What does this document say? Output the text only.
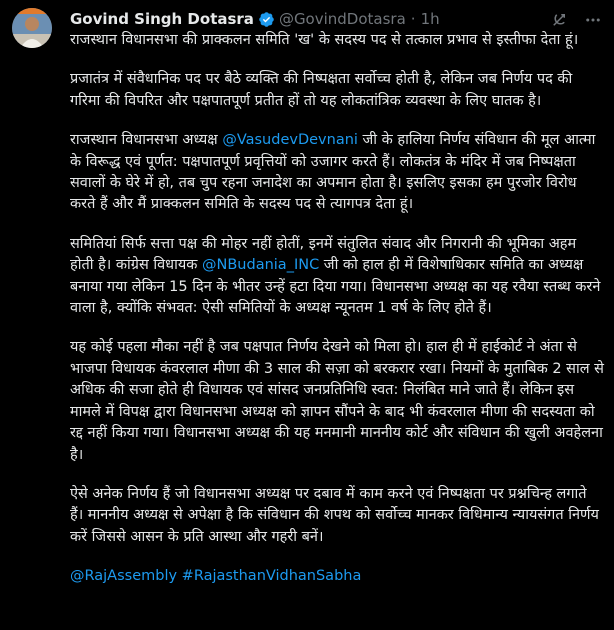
Govind Singh Dotasra @GovindDotasra · 1h

राजस्थान विधानसभा की प्राक्कलन समिति 'ख' के सदस्य पद से तत्काल प्रभाव से इस्तीफा देता हूं।

प्रजातंत्र में संवैधानिक पद पर बैठे व्यक्ति की निष्पक्षता सर्वोच्च होती है, लेकिन जब निर्णय पद की गरिमा की विपरित और पक्षपातपूर्ण प्रतीत हों तो यह लोकतांत्रिक व्यवस्था के लिए घातक है।

राजस्थान विधानसभा अध्यक्ष @VasudevDevnani जी के हालिया निर्णय संविधान की मूल आत्मा के विरूद्ध एवं पूर्णत: पक्षपातपूर्ण प्रवृत्तियों को उजागर करते हैं। लोकतंत्र के मंदिर में जब निष्पक्षता सवालों के घेरे में हो, तब चुप रहना जनादेश का अपमान होता है। इसलिए इसका हम पुरजोर विरोध करते हैं और मैं प्राक्कलन समिति के सदस्य पद से त्यागपत्र देता हूं।

समितियां सिर्फ सत्ता पक्ष की मोहर नहीं होतीं, इनमें संतुलित संवाद और निगरानी की भूमिका अहम होती है। कांग्रेस विधायक @NBudania_INC जी को हाल ही में विशेषाधिकार समिति का अध्यक्ष बनाया गया लेकिन 15 दिन के भीतर उन्हें हटा दिया गया। विधानसभा अध्यक्ष का यह रवैया स्तब्ध करने वाला है, क्योंकि संभवत: ऐसी समितियों के अध्यक्ष न्यूनतम 1 वर्ष के लिए होते हैं।

यह कोई पहला मौका नहीं है जब पक्षपात निर्णय देखने को मिला हो। हाल ही में हाईकोर्ट ने अंता से भाजपा विधायक कंवरलाल मीणा की 3 साल की सज़ा को बरकरार रखा। नियमों के मुताबिक 2 साल से अधिक की सजा होते ही विधायक एवं सांसद जनप्रतिनिधि स्वत: निलंबित माने जाते हैं। लेकिन इस मामले में विपक्ष द्वारा विधानसभा अध्यक्ष को ज्ञापन सौंपने के बाद भी कंवरलाल मीणा की सदस्यता को रद्द नहीं किया गया। विधानसभा अध्यक्ष की यह मनमानी माननीय कोर्ट और संविधान की खुली अवहेलना है।

ऐसे अनेक निर्णय हैं जो विधानसभा अध्यक्ष पर दबाव में काम करने एवं निष्पक्षता पर प्रश्नचिन्ह लगाते हैं। माननीय अध्यक्ष से अपेक्षा है कि संविधान की शपथ को सर्वोच्च मानकर विधिमान्य न्यायसंगत निर्णय करें जिससे आसन के प्रति आस्था और गहरी बनें।

@RajAssembly #RajasthanVidhanSabha
